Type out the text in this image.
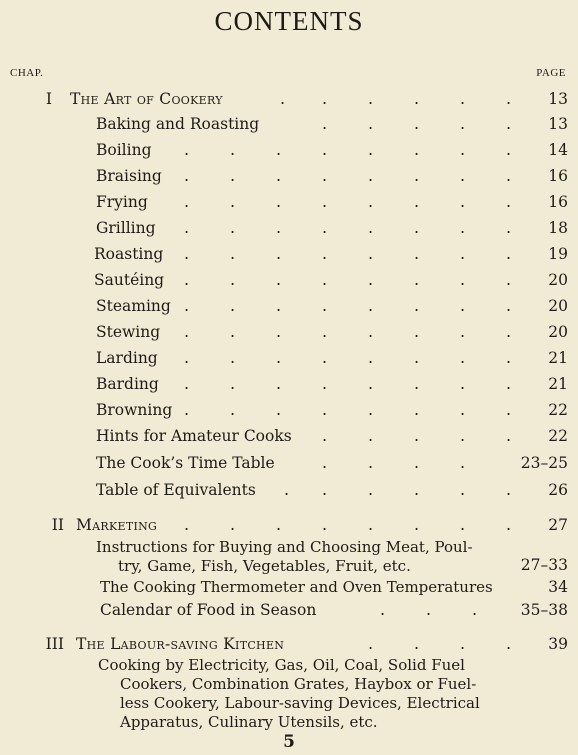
CONTENTS
CHAP.	PAGE
I The Art of Cookery	. .	.	.	.	. 13
Baking and Roasting	.	.	.	.	. 13
Boiling .	.	.	.	.	.	.	. 14
Braising .	.	.	.	.	.	.	. 16
Frying .	.	.	.	.	.	.	. 16
Grilling .	.	.	.	.	.	.	. 18
Roasting .	.	.	.	.	.	.	. 19
Sautéing .	.	.	.	.	.	.	. 20
Steaming .	.	.	.	.	.	.	. 20
Stewing .	.	.	.	.	.	.	. 20
Larding .	.	.	.	.	.	.	. 21
Barding .	.	.	.	.	.	.	. 21
Browning .	.	.	.	.	.	.	. 22
Hints for Amateur Cooks .	.	.	.	. 22
The Cook’s Time Table	.	.	.	.	23–25
Table of Equivalents . .	.	.	.	. 26
II Marketing .	.	.	.	.	.	.	. 27
Instructions for Buying and Choosing Meat, Poul-
try, Game, Fish, Vegetables, Fruit, etc.	27–33
The Cooking Thermometer and Oven Temperatures	34
Calendar of Food in Season	.	.	.	35–38
III The Labour-saving Kitchen	.	.	.	. 39
Cooking by Electricity, Gas, Oil, Coal, Solid Fuel
Cookers, Combination Grates, Haybox or Fuel-
less Cookery, Labour-saving Devices, Electrical
Apparatus, Culinary Utensils, etc.
5
